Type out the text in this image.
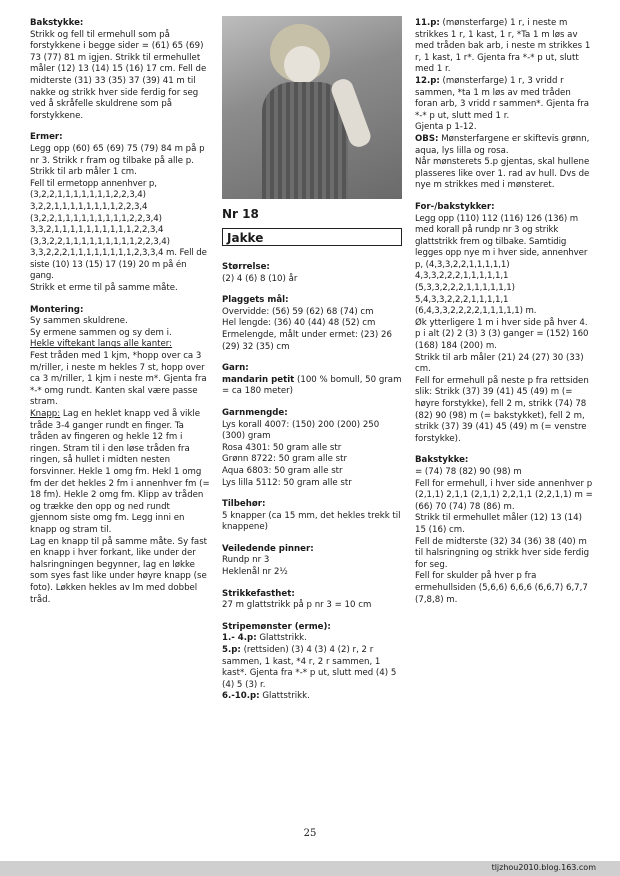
Bakstykke:

Strikk og fell til ermehull som på forstykkene i begge sider = (61) 65 (69) 73 (77) 81 m igjen. Strikk til ermehullet måler (12) 13 (14) 15 (16) 17 cm. Fell de midterste (31) 33 (35) 37 (39) 41 m til nakke og strikk hver side ferdig for seg ved å skråfelle skuldrene som på forstykkene.

Ermer:

Legg opp (60) 65 (69) 75 (79) 84 m på p nr 3. Strikk r fram og tilbake på alle p. Strikk til arb måler 1 cm.

Fell til ermetopp annenhver p, (3,2,2,1,1,1,1,1,1,1,2,2,3,4) 3,2,2,1,1,1,1,1,1,1,1,2,2,3,4 (3,2,2,1,1,1,1,1,1,1,1,1,2,2,3,4) 3,3,2,1,1,1,1,1,1,1,1,1,1,2,2,3,4 (3,3,2,2,1,1,1,1,1,1,1,1,1,2,2,3,4) 3,3,2,2,2,1,1,1,1,1,1,1,1,2,3,3,4 m. Fell de siste (10) 13 (15) 17 (19) 20 m på én gang.

Strikk et erme til på samme måte.

Montering:

Sy sammen skuldrene.

Sy ermene sammen og sy dem i.

Hekle viftekant langs alle kanter:

Fest tråden med 1 kjm, *hopp over ca 3 m/riller, i neste m hekles 7 st, hopp over ca 3 m/riller, 1 kjm i neste m*. Gjenta fra *-* omg rundt. Kanten skal være passe stram.

Knapp: Lag en heklet knapp ved å vikle tråde 3-4 ganger rundt en finger. Ta tråden av fingeren og hekle 12 fm i ringen. Stram til i den løse tråden fra ringen, så hullet i midten nesten forsvinner. Hekle 1 omg fm. Hekl 1 omg fm der det hekles 2 fm i annenhver fm (= 18 fm). Hekle 2 omg fm. Klipp av tråden og trække den opp og ned rundt gjennom siste omg fm. Legg inni en knapp og stram til.

Lag en knapp til på samme måte. Sy fast en knapp i hver forkant, like under der halsringningen begynner, lag en løkke som syes fast like under høyre knapp (se foto). Løkken hekles av lm med dobbel tråd.

Nr 18
Jakke

Størrelse:

(2) 4 (6) 8 (10) år

Plaggets mål:

Overvidde: (56) 59 (62) 68 (74) cm

Hel lengde: (36) 40 (44) 48 (52) cm

Ermelengde, målt under ermet: (23) 26 (29) 32 (35) cm

Garn:

mandarin petit (100 % bomull, 50 gram = ca 180 meter)

Garnmengde:

Lys korall 4007: (150) 200 (200) 250 (300) gram

Rosa 4301: 50 gram alle str

Grønn 8722: 50 gram alle str

Aqua 6803: 50 gram alle str

Lys lilla 5112: 50 gram alle str

Tilbehør:

5 knapper (ca 15 mm, det hekles trekk til knappene)

Veiledende pinner:

Rundp nr 3

Heklenål nr 2½

Strikkefasthet:

27 m glattstrikk på p nr 3 = 10 cm

Stripemønster (erme):

1.- 4.p: Glattstrikk.

5.p: (rettsiden) (3) 4 (3) 4 (2) r, 2 r sammen, 1 kast, *4 r, 2 r sammen, 1 kast*. Gjenta fra *-* p ut, slutt med (4) 5 (4) 5 (3) r.

6.-10.p: Glattstrikk.

11.p: (mønsterfarge) 1 r, i neste m strikkes 1 r, 1 kast, 1 r, *Ta 1 m løs av med tråden bak arb, i neste m strikkes 1 r, 1 kast, 1 r*. Gjenta fra *-* p ut, slutt med 1 r.

12.p: (mønsterfarge) 1 r, 3 vridd r sammen, *ta 1 m løs av med tråden foran arb, 3 vridd r sammen*. Gjenta fra *-* p ut, slutt med 1 r.

Gjenta p 1-12.

OBS: Mønsterfargene er skiftevis grønn, aqua, lys lilla og rosa.

Når mønsterets 5.p gjentas, skal hullene plasseres like over 1. rad av hull. Dvs de nye m strikkes med i mønsteret.

For-/bakstykker:

Legg opp (110) 112 (116) 126 (136) m med korall på rundp nr 3 og strikk glattstrikk frem og tilbake. Samtidig legges opp nye m i hver side, annenhver p, (4,3,3,2,2,1,1,1,1,1) 4,3,3,2,2,2,1,1,1,1,1,1 (5,3,3,2,2,2,1,1,1,1,1,1) 5,4,3,3,2,2,2,1,1,1,1,1 (6,4,3,3,2,2,2,2,1,1,1,1,1) m.

Øk ytterligere 1 m i hver side på hver 4. p i alt (2) 2 (3) 3 (3) ganger = (152) 160 (168) 184 (200) m.

Strikk til arb måler (21) 24 (27) 30 (33) cm.

Fell for ermehull på neste p fra rettsiden slik: Strikk (37) 39 (41) 45 (49) m (= høyre forstykke), fell 2 m, strikk (74) 78 (82) 90 (98) m (= bakstykket), fell 2 m, strikk (37) 39 (41) 45 (49) m (= venstre forstykke).

Bakstykke:

= (74) 78 (82) 90 (98) m

Fell for ermehull, i hver side annenhver p (2,1,1) 2,1,1 (2,1,1) 2,2,1,1 (2,2,1,1) m = (66) 70 (74) 78 (86) m.

Strikk til ermehullet måler (12) 13 (14) 15 (16) cm.

Fell de midterste (32) 34 (36) 38 (40) m til halsringning og strikk hver side ferdig for seg.

Fell for skulder på hver p fra ermehullsiden (5,6,6) 6,6,6 (6,6,7) 6,7,7 (7,8,8) m.

25
tljzhou2010.blog.163.com
